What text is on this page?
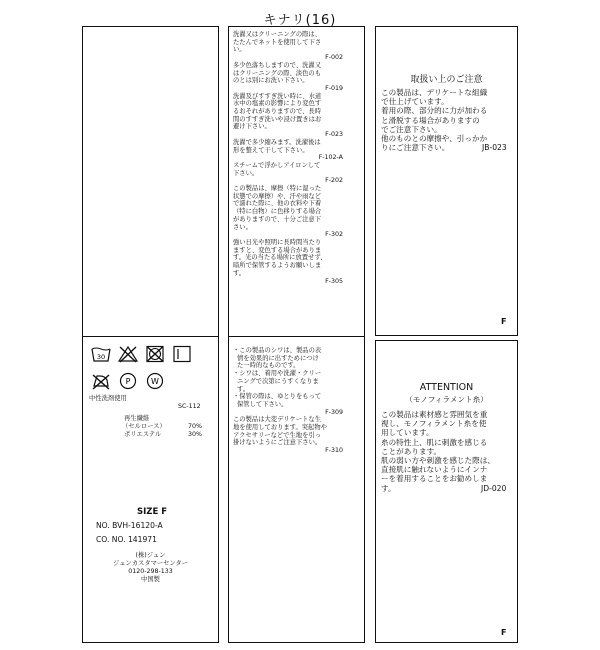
キナリ(16)
30
P	W
中性洗剤使用
SC-112
再生繊維
（セルロース）	70%
ポリエステル	30%
SIZE F
NO. BVH-16120-A
CO. NO. 141971
(株)ジュン
ジュンカスタマーセンター
0120-298-133
中国製
洗濯又はクリーニングの際は、
たたんでネットを使用して下さ
い。
F-002
多少色落ちしますので、洗濯又
はクリーニングの際、淡色のも
のとは別にお洗い下さい。
F-019
洗濯及びすすぎ洗い時に、水道
水中の塩素の影響により変色す
るおそれがありますので、長時
間のすすぎ洗いや浸け置きはお
避け下さい。
F-023
洗濯で多少縮みます。洗濯後は
形を整えて干して下さい。
F-102-A
スチームで浮かしアイロンして
下さい。
F-202
この製品は、摩擦（特に湿った
状態での摩擦）や、汗や雨など
で濡れた際に、他の衣料や下着
（特に白物）に色移りする場合
がありますので、十分ご注意下
さい。
F-302
強い日光や照明に長時間当たり
ますと、変色する場合がありま
す。光の当たる場所に放置せず、
暗所で保管するようお願いしま
す。
F-305
・この製品のシワは、製品の表
情を効果的に出すためにつけ
た一時的なものです。
・シワは、着用や洗濯・クリー
ニングで次第にうすくなりま
す。
・保管の際は、ゆとりをもって
保管して下さい。
F-309
この製品は大変デリケートな生
地を使用しております。突起物や
アクセサリーなどで生地を引っ
掛けないようにご注意下さい。
F-310
取扱い上のご注意
この製品は、デリケートな組織
で仕上げています。
着用の際、部分的に力が加わる
と滑脱する場合がありますの
でご注意下さい。
他のものとの摩擦や、引っかか
りにご注意下さい。	JB-023
F
ATTENTION
（モノフィラメント糸）
この製品は素材感と雰囲気を重
視し、モノフィラメント糸を使
用しています。
糸の特性上、肌に刺激を感じる
ことがあります。
肌の弱い方や刺激を感じた際は、
直接肌に触れないようにインナ
ーを着用することをお勧めしま
す。	JD-020
F
